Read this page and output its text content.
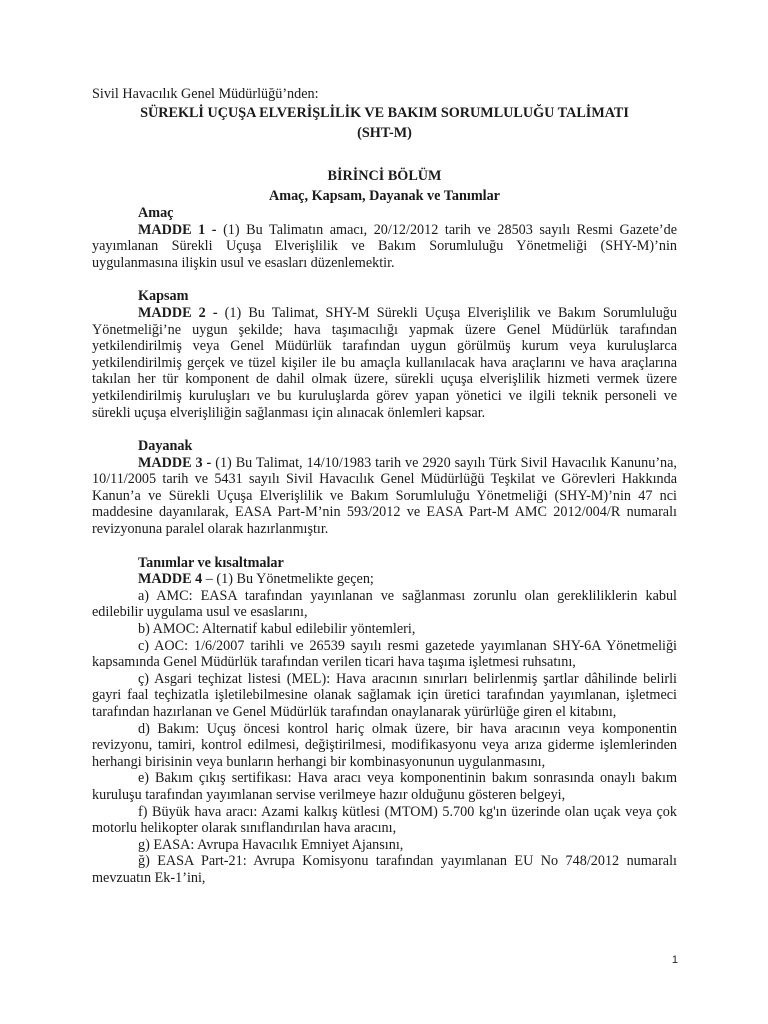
Sivil Havacılık Genel Müdürlüğü’nden:

SÜREKLİ UÇUŞA ELVERİŞLİLİK VE BAKIM SORUMLULUĞU TALİMATI

(SHT-M)

BİRİNCİ BÖLÜM

Amaç, Kapsam, Dayanak ve Tanımlar

Amaç

MADDE 1 - (1) Bu Talimatın amacı, 20/12/2012 tarih ve 28503 sayılı Resmi Gazete’de yayımlanan Sürekli Uçuşa Elverişlilik ve Bakım Sorumluluğu Yönetmeliği (SHY-M)’nin uygulanmasına ilişkin usul ve esasları düzenlemektir.

Kapsam

MADDE 2 - (1) Bu Talimat, SHY-M Sürekli Uçuşa Elverişlilik ve Bakım Sorumluluğu Yönetmeliği’ne uygun şekilde; hava taşımacılığı yapmak üzere Genel Müdürlük tarafından yetkilendirilmiş veya Genel Müdürlük tarafından uygun görülmüş kurum veya kuruluşlarca yetkilendirilmiş gerçek ve tüzel kişiler ile bu amaçla kullanılacak hava araçlarını ve hava araçlarına takılan her tür komponent de dahil olmak üzere, sürekli uçuşa elverişlilik hizmeti vermek üzere yetkilendirilmiş kuruluşları ve bu kuruluşlarda görev yapan yönetici ve ilgili teknik personeli ve sürekli uçuşa elverişliliğin sağlanması için alınacak önlemleri kapsar.

Dayanak

MADDE 3 - (1) Bu Talimat, 14/10/1983 tarih ve 2920 sayılı Türk Sivil Havacılık Kanunu’na, 10/11/2005 tarih ve 5431 sayılı Sivil Havacılık Genel Müdürlüğü Teşkilat ve Görevleri Hakkında Kanun’a ve Sürekli Uçuşa Elverişlilik ve Bakım Sorumluluğu Yönetmeliği (SHY-M)’nin 47 nci maddesine dayanılarak, EASA Part-M’nin 593/2012 ve EASA Part-M AMC 2012/004/R numaralı revizyonuna paralel olarak hazırlanmıştır.

Tanımlar ve kısaltmalar

MADDE 4 – (1) Bu Yönetmelikte geçen;

a) AMC: EASA tarafından yayınlanan ve sağlanması zorunlu olan gerekliliklerin kabul edilebilir uygulama usul ve esaslarını,

b) AMOC: Alternatif kabul edilebilir yöntemleri,

c) AOC: 1/6/2007 tarihli ve 26539 sayılı resmi gazetede yayımlanan SHY-6A Yönetmeliği kapsamında Genel Müdürlük tarafından verilen ticari hava taşıma işletmesi ruhsatını,

ç) Asgari teçhizat listesi (MEL): Hava aracının sınırları belirlenmiş şartlar dâhilinde belirli gayri faal teçhizatla işletilebilmesine olanak sağlamak için üretici tarafından yayımlanan, işletmeci tarafından hazırlanan ve Genel Müdürlük tarafından onaylanarak yürürlüğe giren el kitabını,

d) Bakım: Uçuş öncesi kontrol hariç olmak üzere, bir hava aracının veya komponentin revizyonu, tamiri, kontrol edilmesi, değiştirilmesi, modifikasyonu veya arıza giderme işlemlerinden herhangi birisinin veya bunların herhangi bir kombinasyonunun uygulanmasını,

e) Bakım çıkış sertifikası: Hava aracı veya komponentinin bakım sonrasında onaylı bakım kuruluşu tarafından yayımlanan servise verilmeye hazır olduğunu gösteren belgeyi,

f) Büyük hava aracı: Azami kalkış kütlesi (MTOM) 5.700 kg'ın üzerinde olan uçak veya çok motorlu helikopter olarak sınıflandırılan hava aracını,

g) EASA: Avrupa Havacılık Emniyet Ajansını,

ğ) EASA Part-21: Avrupa Komisyonu tarafından yayımlanan EU No 748/2012 numaralı mevzuatın Ek-1’ini,

1
